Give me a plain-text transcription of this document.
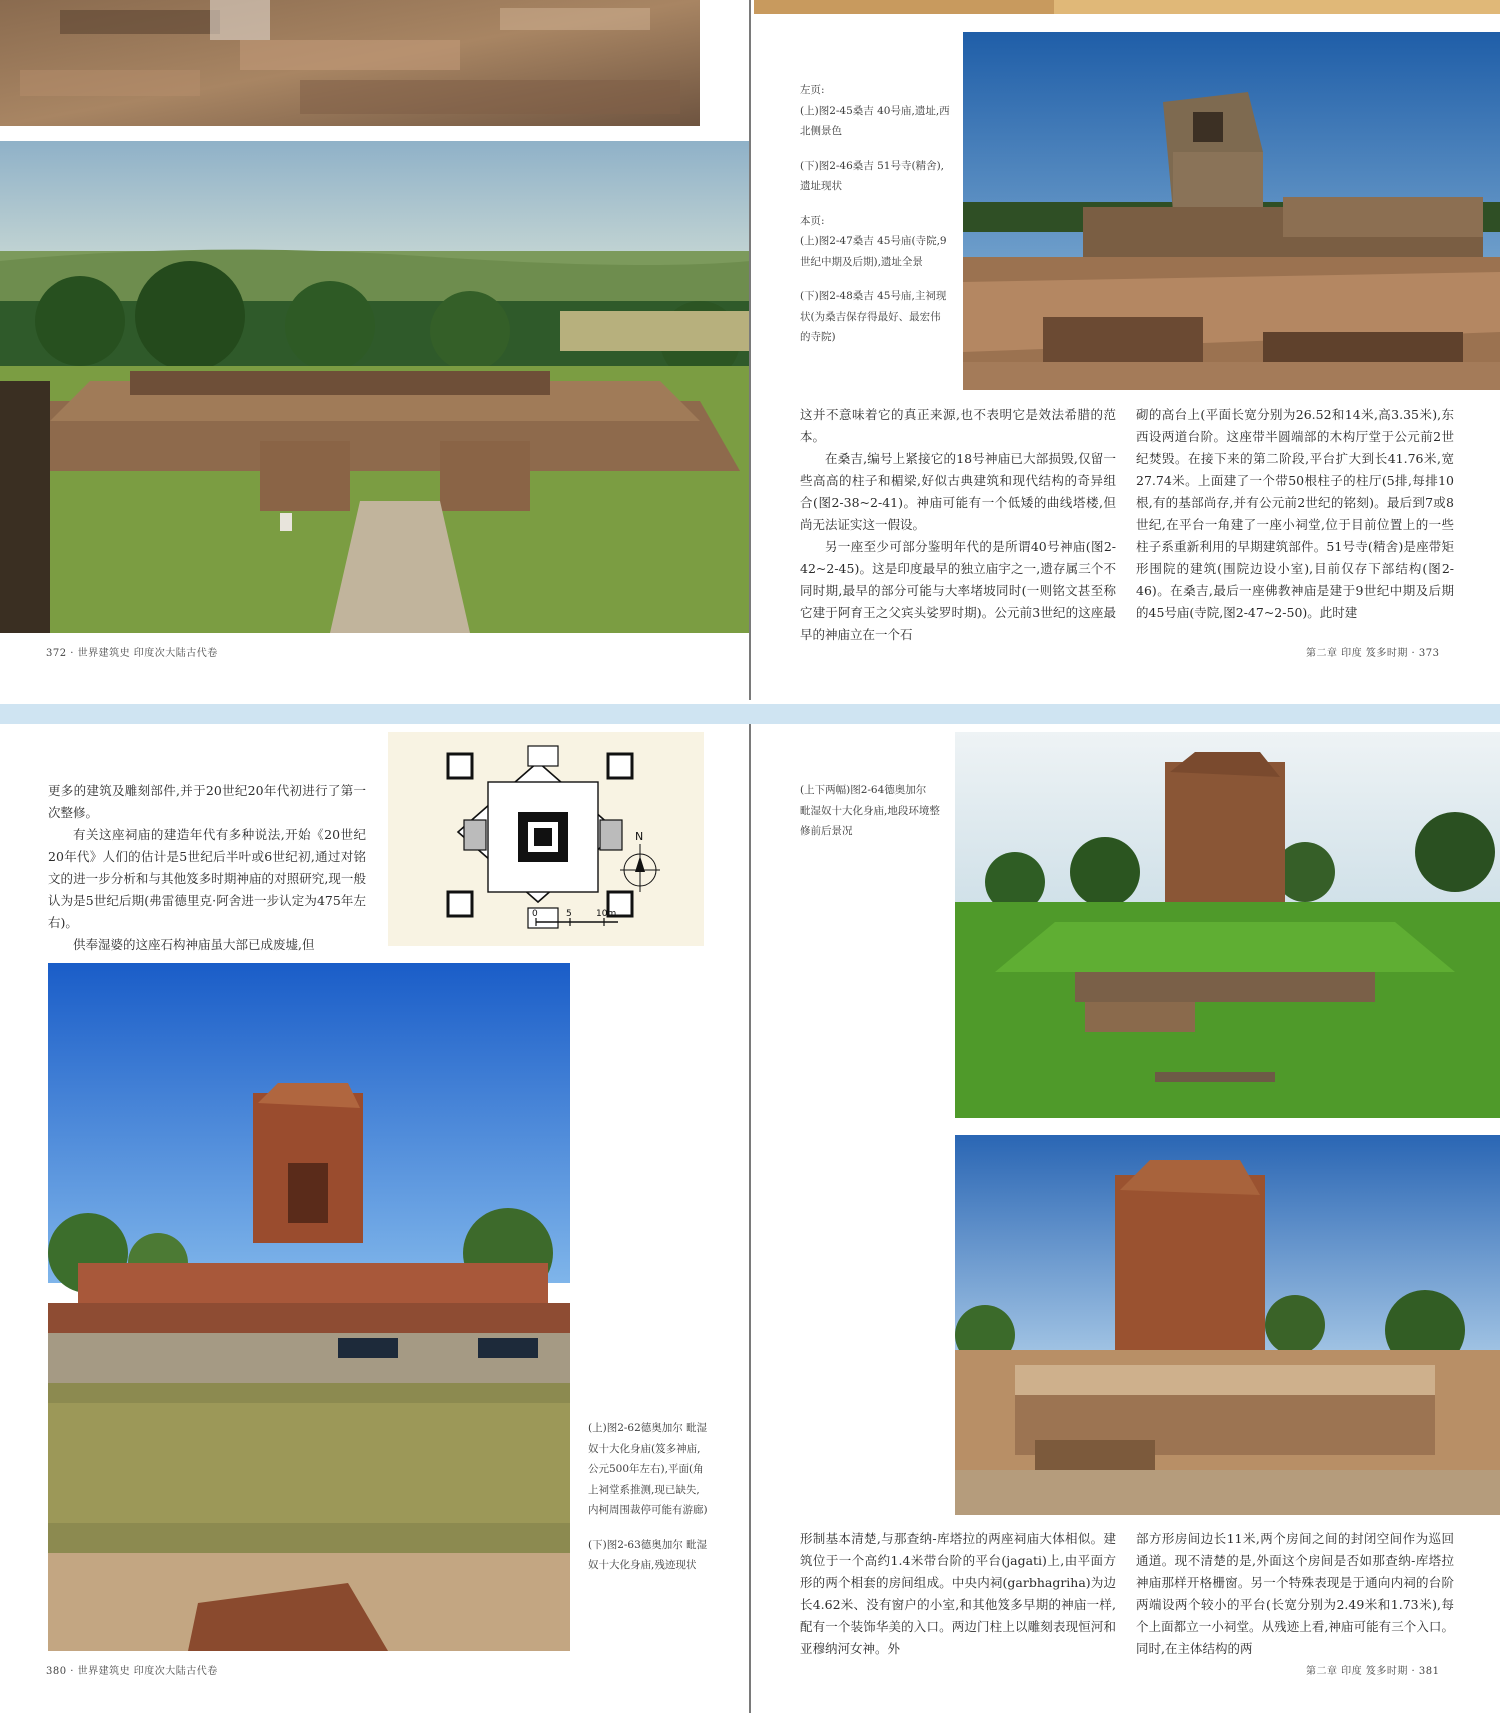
左页:

(上)图2-45桑吉 40号庙,遗址,西北侧景色

(下)图2-46桑吉 51号寺(精舍),遗址现状

本页:

(上)图2-47桑吉 45号庙(寺院,9世纪中期及后期),遗址全景

(下)图2-48桑吉 45号庙,主祠现状(为桑吉保存得最好、最宏伟的寺院)

这并不意味着它的真正来源,也不表明它是效法希腊的范本。

在桑吉,编号上紧接它的18号神庙已大部损毁,仅留一些高高的柱子和楣梁,好似古典建筑和现代结构的奇异组合(图2-38~2-41)。神庙可能有一个低矮的曲线塔楼,但尚无法证实这一假设。

另一座至少可部分鉴明年代的是所谓40号神庙(图2-42~2-45)。这是印度最早的独立庙宇之一,遗存属三个不同时期,最早的部分可能与大率堵坡同时(一则铭文甚至称它建于阿育王之父宾头娑罗时期)。公元前3世纪的这座最早的神庙立在一个石

砌的高台上(平面长宽分别为26.52和14米,高3.35米),东西设两道台阶。这座带半圆端部的木构厅堂于公元前2世纪焚毁。在接下来的第二阶段,平台扩大到长41.76米,宽27.74米。上面建了一个带50根柱子的柱厅(5排,每排10根,有的基部尚存,并有公元前2世纪的铭刻)。最后到7或8世纪,在平台一角建了一座小祠堂,位于目前位置上的一些柱子系重新利用的早期建筑部件。51号寺(精舍)是座带矩形围院的建筑(围院边设小室),目前仅存下部结构(图2-46)。在桑吉,最后一座佛教神庙是建于9世纪中期及后期的45号庙(寺院,图2-47~2-50)。此时建

372 · 世界建筑史 印度次大陆古代卷	第二章 印度 笈多时期 · 373

更多的建筑及雕刻部件,并于20世纪20年代初进行了第一次整修。

有关这座祠庙的建造年代有多种说法,开始《20世纪20年代》人们的估计是5世纪后半叶或6世纪初,通过对铭文的进一步分析和与其他笈多时期神庙的对照研究,现一般认为是5世纪后期(弗雷德里克·阿舍进一步认定为475年左右)。

供奉湿婆的这座石构神庙虽大部已成废墟,但

N
0	5	10m

(上)图2-62德奥加尔 毗湿奴十大化身庙(笈多神庙,公元500年左右),平面(角上祠堂系推测,现已缺失,内柯周围裁停可能有游廊)

(下)图2-63德奥加尔 毗湿奴十大化身庙,残迹现状

(上下两幅)图2-64德奥加尔 毗湿奴十大化身庙,地段环境整修前后景况

形制基本清楚,与那查纳-库塔拉的两座祠庙大体相似。建筑位于一个高约1.4米带台阶的平台(jagati)上,由平面方形的两个相套的房间组成。中央内祠(garbhagriha)为边长4.62米、没有窗户的小室,和其他笈多早期的神庙一样,配有一个装饰华美的入口。两边门柱上以雕刻表现恒河和亚穆纳河女神。外

部方形房间边长11米,两个房间之间的封闭空间作为巡回通道。现不清楚的是,外面这个房间是否如那查纳-库塔拉神庙那样开格栅窗。另一个特殊表现是于通向内祠的台阶两端设两个较小的平台(长宽分别为2.49米和1.73米),每个上面都立一小祠堂。从残迹上看,神庙可能有三个入口。同时,在主体结构的两

380 · 世界建筑史 印度次大陆古代卷	第二章 印度 笈多时期 · 381
